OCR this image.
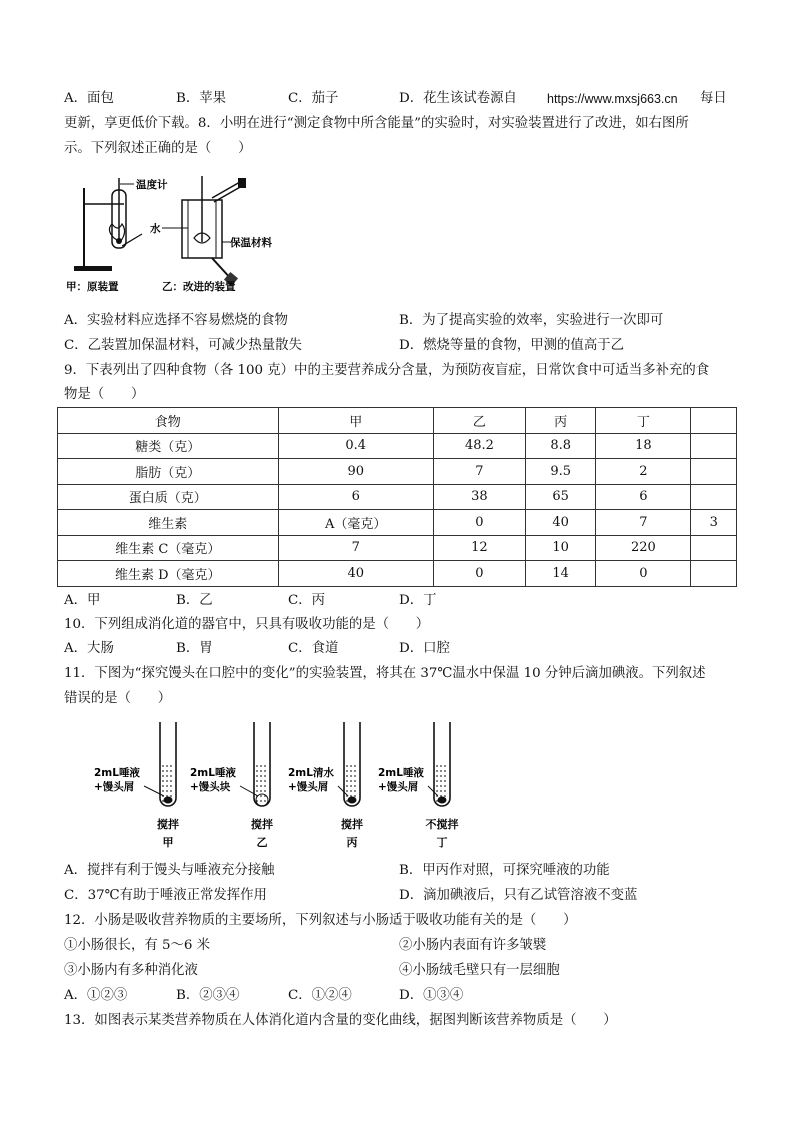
A．面包	B．苹果	C．茄子	D．花生该试卷源自 https://www.mxsj663.cn 每日
更新，享更低价下载。8．小明在进行“测定食物中所含能量”的实验时，对实验装置进行了改进，如右图所
示。下列叙述正确的是（　　）
温度计
水
保温材料
甲：原装置	乙：改进的装置
A．实验材料应选择不容易燃烧的食物	B．为了提高实验的效率，实验进行一次即可
C．乙装置加保温材料，可减少热量散失	D．燃烧等量的食物，甲测的值高于乙
9．下表列出了四种食物（各 100 克）中的主要营养成分含量，为预防夜盲症，日常饮食中可适当多补充的食
物是（　　）
食物	甲	乙	丙	丁	
糖类（克）	0.4	48.2	8.8	18	
脂肪（克）	90	7	9.5	2	
蛋白质（克）	6	38	65	6	
维生素	A（毫克）	0	40	7	3
维生素 C（毫克）	7	12	10	220	
维生素 D（毫克）	40	0	14	0	
A．甲	B．乙	C．丙	D．丁
10．下列组成消化道的器官中，只具有吸收功能的是（　　）
A．大肠	B．胃	C．食道	D．口腔
11．下图为“探究馒头在口腔中的变化”的实验装置，将其在 37℃温水中保温 10 分钟后滴加碘液。下列叙述
错误的是（　　）
2mL唾液
+馒头屑
搅拌
甲
2mL唾液
+馒头块
搅拌
乙
2mL清水
+馒头屑
搅拌
丙
2mL唾液
+馒头屑
不搅拌
丁
A．搅拌有利于馒头与唾液充分接触	B．甲丙作对照，可探究唾液的功能
C．37℃有助于唾液正常发挥作用	D．滴加碘液后，只有乙试管溶液不变蓝
12．小肠是吸收营养物质的主要场所，下列叙述与小肠适于吸收功能有关的是（　　）
①小肠很长，有 5～6 米	②小肠内表面有许多皱襞
③小肠内有多种消化液	④小肠绒毛壁只有一层细胞
A．①②③	B．②③④	C．①②④	D．①③④
13．如图表示某类营养物质在人体消化道内含量的变化曲线，据图判断该营养物质是（　　）
